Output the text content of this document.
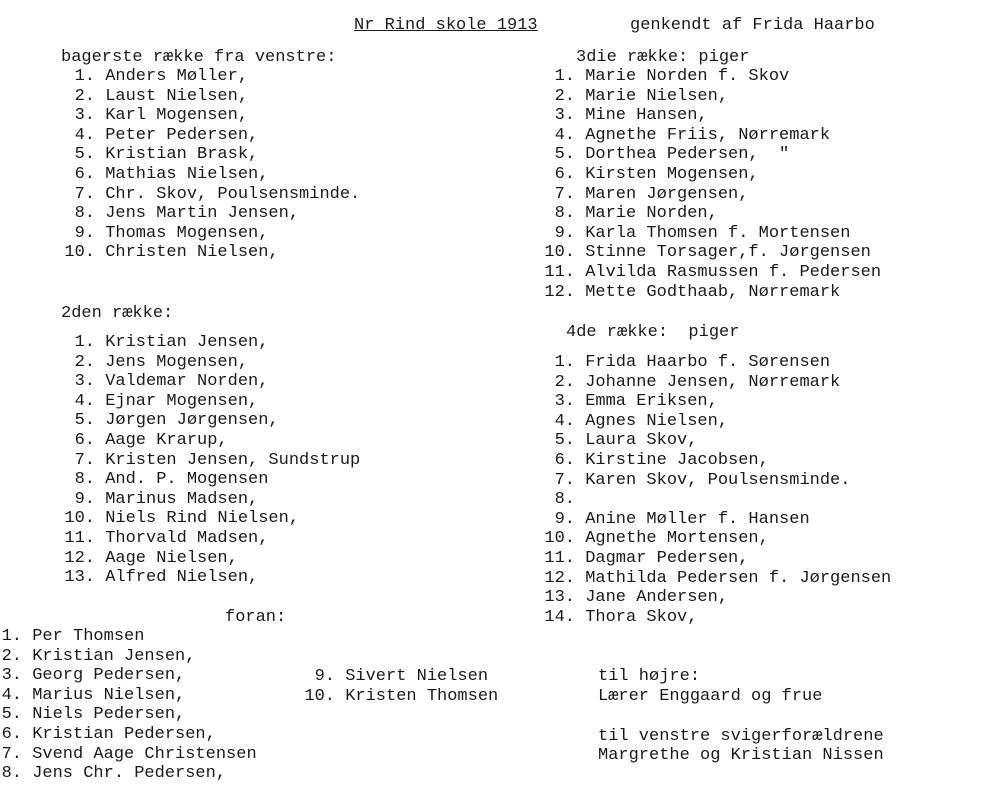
Nr Rind skole 1913	genkendt af Frida Haarbo
bagerste række fra venstre:
1. Anders Møller,
2. Laust Nielsen,
3. Karl Mogensen,
4. Peter Pedersen,
5. Kristian Brask,
6. Mathias Nielsen,
7. Chr. Skov, Poulsensminde.
8. Jens Martin Jensen,
9. Thomas Mogensen,
10. Christen Nielsen,
2den række:
1. Kristian Jensen,
2. Jens Mogensen,
3. Valdemar Norden,
4. Ejnar Mogensen,
5. Jørgen Jørgensen,
6. Aage Krarup,
7. Kristen Jensen, Sundstrup
8. And. P. Mogensen
9. Marinus Madsen,
10. Niels Rind Nielsen,
11. Thorvald Madsen,
12. Aage Nielsen,
13. Alfred Nielsen,
3die række: piger
1. Marie Norden f. Skov
2. Marie Nielsen,
3. Mine Hansen,
4. Agnethe Friis, Nørremark
5. Dorthea Pedersen,  "
6. Kirsten Mogensen,
7. Maren Jørgensen,
8. Marie Norden,
9. Karla Thomsen f. Mortensen
10. Stinne Torsager,f. Jørgensen
11. Alvilda Rasmussen f. Pedersen
12. Mette Godthaab, Nørremark
4de række:  piger
1. Frida Haarbo f. Sørensen
2. Johanne Jensen, Nørremark
3. Emma Eriksen,
4. Agnes Nielsen,
5. Laura Skov,
6. Kirstine Jacobsen,
7. Karen Skov, Poulsensminde.
8.
9. Anine Møller f. Hansen
10. Agnethe Mortensen,
11. Dagmar Pedersen,
12. Mathilda Pedersen f. Jørgensen
13. Jane Andersen,
14. Thora Skov,
foran:
1. Per Thomsen
2. Kristian Jensen,
3. Georg Pedersen,
4. Marius Nielsen,
5. Niels Pedersen,
6. Kristian Pedersen,
7. Svend Aage Christensen
8. Jens Chr. Pedersen,
9. Sivert Nielsen
10. Kristen Thomsen
til højre:
Lærer Enggaard og frue
til venstre svigerforældrene
Margrethe og Kristian Nissen
